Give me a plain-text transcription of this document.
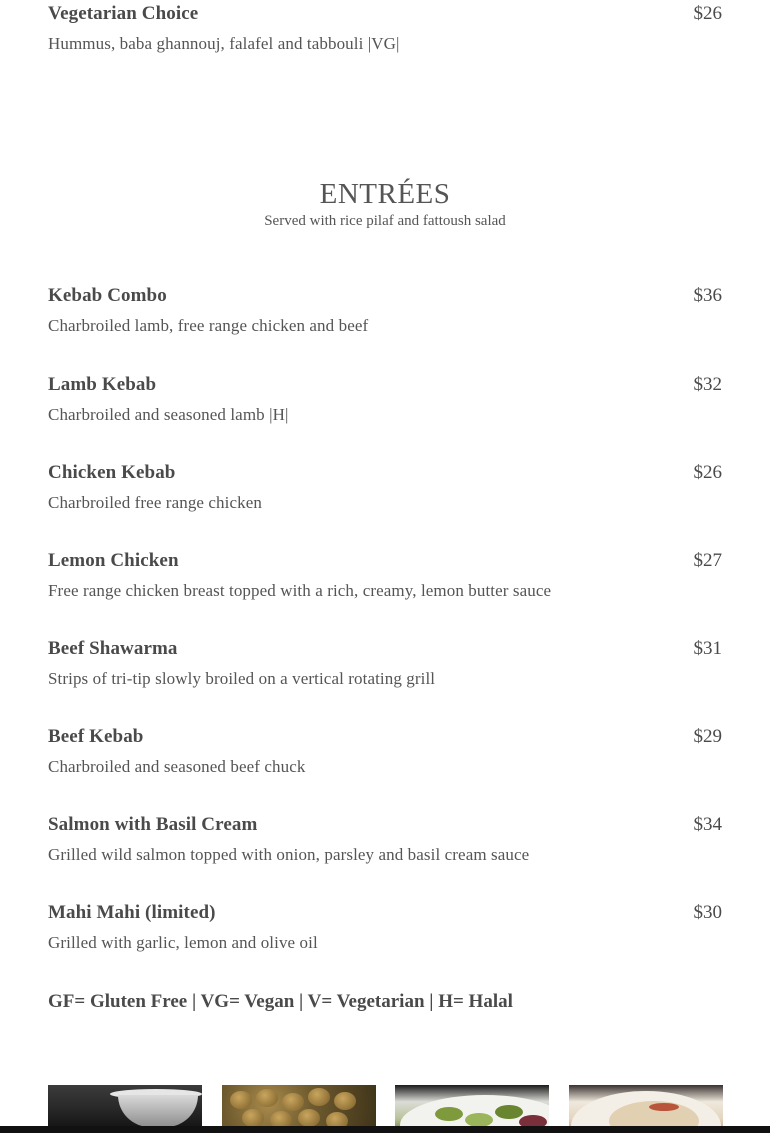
Vegetarian Choice	$26
Hummus, baba ghannouj, falafel and tabbouli |VG|
ENTRÉES
Served with rice pilaf and fattoush salad
Kebab Combo	$36
Charbroiled lamb, free range chicken and beef
Lamb Kebab	$32
Charbroiled and seasoned lamb |H|
Chicken Kebab	$26
Charbroiled free range chicken
Lemon Chicken	$27
Free range chicken breast topped with a rich, creamy, lemon butter sauce
Beef Shawarma	$31
Strips of tri-tip slowly broiled on a vertical rotating grill
Beef Kebab	$29
Charbroiled and seasoned beef chuck
Salmon with Basil Cream	$34
Grilled wild salmon topped with onion, parsley and basil cream sauce
Mahi Mahi (limited)	$30
Grilled with garlic, lemon and olive oil
GF= Gluten Free | VG= Vegan | V= Vegetarian | H= Halal
